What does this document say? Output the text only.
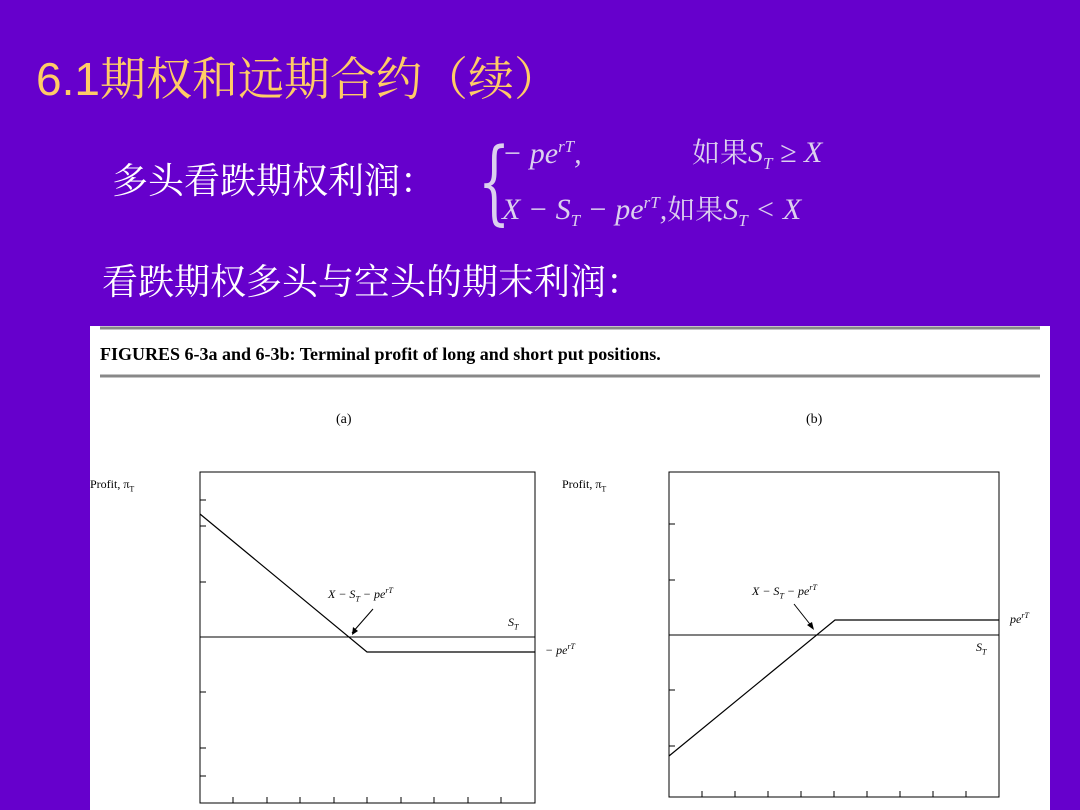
6.1期权和远期合约（续）
多头看跌期权利润： {
− $pe^{rT}$,	如果$S_T \ge X$
$X - S_T - pe^{rT}$,如果$S_T < X$
看跌期权多头与空头的期末利润：
FIGURES 6-3a and 6-3b: Terminal profit of long and short put positions.
(a)
Profit, $\pi_T$
$X - S_T - pe^{rT}$
$S_T$
− $pe^{rT}$
(b)
Profit, $\pi_T$
$X - S_T - pe^{rT}$
$pe^{rT}$
$S_T$
